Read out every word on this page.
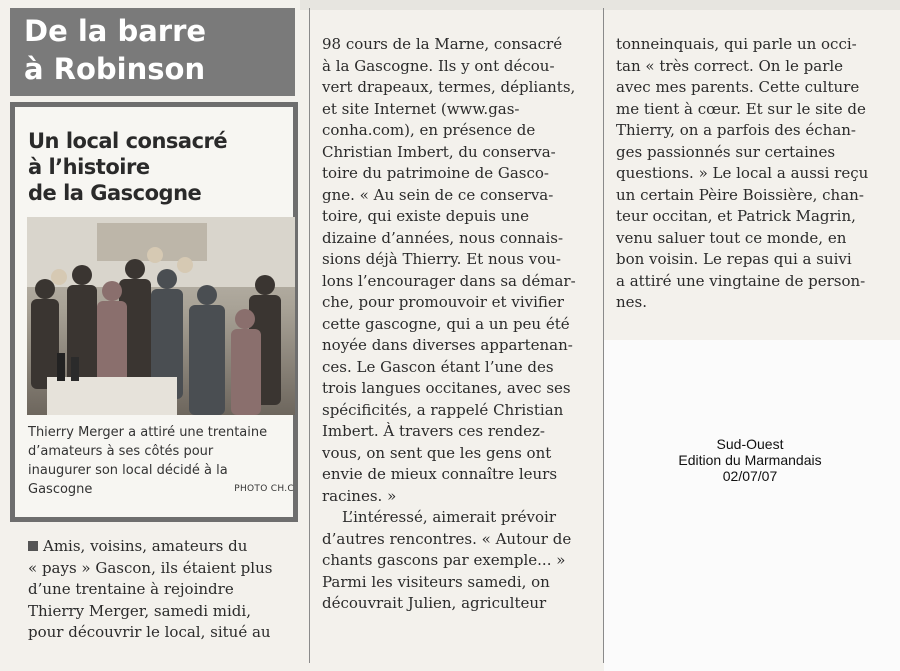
De la barre
à Robinson
Un local consacré
à l’histoire
de la Gascogne
Thierry Merger a attiré une trentaine
d’amateurs à ses côtés pour
inaugurer son local décidé à la
Gascogne	PHOTO CH.C
Amis, voisins, amateurs du
« pays » Gascon, ils étaient plus
d’une trentaine à rejoindre
Thierry Merger, samedi midi,
pour découvrir le local, situé au
98 cours de la Marne, consacré
à la Gascogne. Ils y ont décou-
vert drapeaux, termes, dépliants,
et site Internet (www.gas-
conha.com), en présence de
Christian Imbert, du conserva-
toire du patrimoine de Gasco-
gne. « Au sein de ce conserva-
toire, qui existe depuis une
dizaine d’années, nous connais-
sions déjà Thierry. Et nous vou-
lons l’encourager dans sa démar-
che, pour promouvoir et vivifier
cette gascogne, qui a un peu été
noyée dans diverses appartenan-
ces. Le Gascon étant l’une des
trois langues occitanes, avec ses
spécificités, a rappelé Christian
Imbert. À travers ces rendez-
vous, on sent que les gens ont
envie de mieux connaître leurs
racines. »
L’intéressé, aimerait prévoir
d’autres rencontres. « Autour de
chants gascons par exemple... »
Parmi les visiteurs samedi, on
découvrait Julien, agriculteur
tonneinquais, qui parle un occi-
tan « très correct. On le parle
avec mes parents. Cette culture
me tient à cœur. Et sur le site de
Thierry, on a parfois des échan-
ges passionnés sur certaines
questions. » Le local a aussi reçu
un certain Pèire Boissière, chan-
teur occitan, et Patrick Magrin,
venu saluer tout ce monde, en
bon voisin. Le repas qui a suivi
a attiré une vingtaine de person-
nes.
Sud-Ouest
Edition du Marmandais
02/07/07
